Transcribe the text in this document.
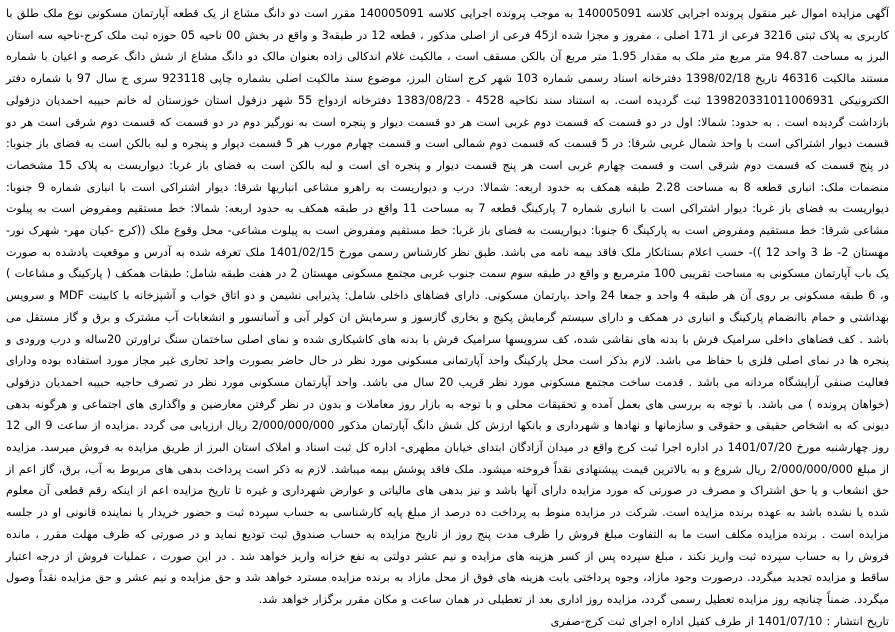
آگهی مزایده اموال غیر منقول پرونده اجرایی کلاسه 140005091 به موجب پرونده اجرایی کلاسه 140005091 مقرر است دو دانگ مشاع از یک قطعه آپارتمان مسکونی نوع ملک طلق با کاربری به پلاک ثبتی 3216 فرعی از 171 اصلی ، مفروز و مجزا شده از45 فرعی از اصلی مذکور ، قطعه 12 در طبقه3 و واقع در بخش 00 ناحیه 05 حوزه ثبت ملک کرج-ناحیه سه استان البرز به مساحت 94.87 متر مربع متر ملک به مقدار 1.95 متر مربع آن بالکن مسقف است ، مالکیت غلام اندکالی زاده بعنوان مالک دو دانگ مشاع از شش دانگ عرصه و اعیان با شماره مستند مالکیت 46316 تاریخ 1398/02/18 دفترخانه اسناد رسمی شماره 103 شهر کرج استان البرز، موضوع سند مالکیت اصلی بشماره چاپی 923118 سری ج سال 97 با شماره دفتر الکترونیکی 139820331011006931 ثبت گردیده است. به استناد سند نکاحیه 4528 - 1383/08/23 دفترخانه ازدواج 55 شهر دزفول استان خوزستان له خانم حبیبه احمدیان دزفولی بازداشت گردیده است . به حدود: شمالا: اول در دو قسمت که قسمت دوم غربی است هر دو قسمت دیوار و پنجره است به نورگیر دوم در دو قسمت که قسمت دوم شرقی است هر دو قسمت دیوار اشتراکی است با واحد شمال غربی شرقا: در 5 قسمت که قسمت دوم شمالی است و قسمت چهارم مورب هر 5 قسمت دیوار و پنجره و لبه بالکن است به فضای باز جنوبا: در پنج قسمت که قسمت دوم شرقی است و قسمت چهارم غربی است هر پنج قسمت دیوار و پنجره ای است و لبه بالکن است به فضای باز غربا: دیواریست به پلاک 15 مشخصات منضمات ملک: انباری قطعه 8 به مساحت 2.28 طبقه همکف به حدود اربعه: شمالا: درب و دیواریست به راهرو مشاعی انباریها شرقا: دیوار اشتراکی است با انباری شماره 9 جنوبا: دیواریست به فضای باز غربا: دیوار اشتراکی است با انباری شماره 7 پارکینگ قطعه 7 به مساحت 11 واقع در طبقه همکف به حدود اربعه: شمالا: خط مستقیم ومفروض است به پیلوت مشاعی شرقا: خط مستقیم ومفروض است به پارکینگ 6 جنوبا: دیواریست به فضای باز غربا: خط مستقیم ومفروض است به پیلوت مشاعی- محل وقوع ملک ((کرج -کیان مهر- شهرک نور- مهستان 2- ط 3 واحد 12 ))- حسب اعلام بستانکار ملک فاقد بیمه نامه می باشد. طبق نظر کارشناس رسمی مورخ 1401/02/15 ملک تعرفه شده به آدرس و موقعیت یادشده به صورت یک باب آپارتمان مسکونی به مساحت تقریبی 100 مترمربع و واقع در طبقه سوم سمت جنوب غربی مجتمع مسکونی مهستان 2 در هفت طبقه شامل: طبقات همکف ( پارکینگ و مشاعات ) و، 6 طبقه مسکونی بر روی آن هر طبقه 4 واحد و جمعا 24 واحد ،پارتمان مسکونی. دارای فضاهای داخلی شامل: پذیرایی نشیمن و دو اتاق خواب و آشپزخانه با کابینت MDF و سرویس بهداشتی و حمام باانضمام پارکینگ و انباری در همکف و دارای سیستم گرمایش پکیج و بخاری گازسوز و سرمایش ان کولر آبی و آسانسور و انشعابات آب مشترک و برق و گاز مستقل می باشد . کف فضاهای داخلی سرامیک فرش با بدنه های نقاشی شده، کف سرویسها سرامیک فرش با بدنه های کاشیکاری شده و نمای اصلی ساختمان سنگ تراورتن 20ساله و درب ورودی و پنجره ها در نمای اصلی فلزی با حفاظ می باشد. لازم بذکر است محل پارکینگ واحد آپارتمانی مسکونی مورد نظر در حال حاضر بصورت واحد تجاری غیر مجاز مورد استفاده بوده ودارای فعالیت صنفی آرایشگاه مردانه می باشد . قدمت ساخت مجتمع مسکونی مورد نظر قریب 20 سال می باشد. واحد آپارتمان مسکونی مورد نظر در تصرف حاجیه حبیبه احمدیان دزفولی (خواهان پرونده ) می باشد. با توجه به بررسی های بعمل آمده و تحقیقات محلی و با توجه به بازار روز معاملات و بدون در نظر گرفتن معارضین و واگذاری های اجتماعی و هرگونه بدهی دیونی که به اشخاص حقیقی و حقوقی و سازمانها و نهادها و شهرداری و بانکها ارزش کل شش دانگ آپارتمان مذکور 2/000/000/000 ریال ارزیابی می گردد .مزایده از ساعت 9 الی 12 روز چهارشنبه مورخ 1401/07/20 در اداره اجرا ثبت کرج واقع در میدان آزادگان ابتدای خیابان مطهری- اداره کل ثبت اسناد و املاک استان البرز از طریق مزایده به فروش میرسد. مزایده از مبلغ 2/000/000/000 ریال شروع و به بالاترین قیمت پیشنهادی نقداً فروخته میشود. ملک فاقد پوشش بیمه میباشد. لازم به ذکر است پرداخت بدهی های مربوط به آب، برق، گاز اعم از حق انشعاب و یا حق اشتراک و مصرف در صورتی که مورد مزایده دارای آنها باشد و نیز بدهی های مالیاتی و عوارض شهرداری و غیره تا تاریخ مزایده اعم از اینکه رقم قطعی آن معلوم شده یا نشده باشد به عهده برنده مزایده است. شرکت در مزایده منوط به پرداخت ده درصد از مبلغ پایه کارشناسی به حساب سپرده ثبت و حضور خریدار یا نماینده قانونی او در جلسه مزایده است . برنده مزایده مکلف است ما به التفاوت مبلغ فروش را ظرف مدت پنج روز از تاریخ مزایده به حساب صندوق ثبت تودیع نماید و در صورتی که ظرف مهلت مقرر ، مانده فروش را به حساب سپرده ثبت واریز نکند ، مبلغ سپرده پس از کسر هزینه های مزایده و نیم عشر دولتی به نفع خزانه واریز خواهد شد . در این صورت ، عملیات فروش از درجه اعتبار ساقط و مزایده تجدید میگردد. درصورت وجود مازاد، وجوه پرداختی بابت هزینه های فوق از محل مازاد به برنده مزایده مسترد خواهد شد و حق مزایده و نیم عشر و حق مزایده نقداً وصول میگردد. ضمناً چنانچه روز مزایده تعطیل رسمی گردد، مزایده روز اداری بعد از تعطیلی در همان ساعت و مکان مقرر برگزار خواهد شد.

تاریخ انتشار : 1401/07/10 از طرف کفیل اداره اجرای ثبت کرج-صفری
